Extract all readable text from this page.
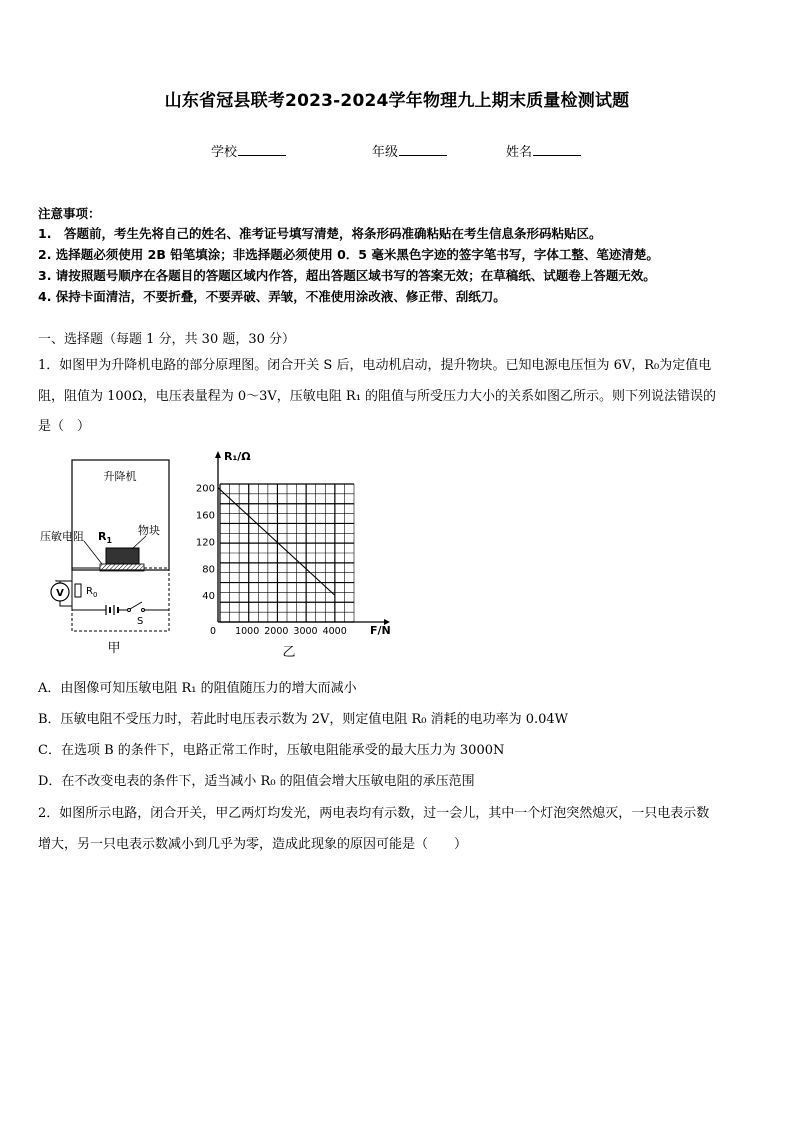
山东省冠县联考2023-2024学年物理九上期末质量检测试题
学校	年级	姓名
注意事项：
1.　答题前，考生先将自己的姓名、准考证号填写清楚，将条形码准确粘贴在考生信息条形码粘贴区。
2. 选择题必须使用 2B 铅笔填涂；非选择题必须使用 0．5 毫米黑色字迹的签字笔书写，字体工整、笔迹清楚。
3. 请按照题号顺序在各题目的答题区域内作答，超出答题区域书写的答案无效；在草稿纸、试题卷上答题无效。
4. 保持卡面清洁，不要折叠，不要弄破、弄皱，不准使用涂改液、修正带、刮纸刀。
一、选择题（每题 1 分，共 30 题，30 分）
1．如图甲为升降机电路的部分原理图。闭合开关 S 后，电动机启动，提升物块。已知电源电压恒为 6V，R₀为定值电
阻，阻值为 100Ω，电压表量程为 0～3V，压敏电阻 R₁ 的阻值与所受压力大小的关系如图乙所示。则下列说法错误的
是（　）
升降机
压敏电阻 $R_1$
物块
V $R_0$
S
甲
40
80
120
160
200
0 1000 2000 3000 4000
R₁/Ω
F/N
乙
A．由图像可知压敏电阻 R₁ 的阻值随压力的增大而减小
B．压敏电阻不受压力时，若此时电压表示数为 2V，则定值电阻 R₀ 消耗的电功率为 0.04W
C．在选项 B 的条件下，电路正常工作时，压敏电阻能承受的最大压力为 3000N
D．在不改变电表的条件下，适当减小 R₀ 的阻值会增大压敏电阻的承压范围
2．如图所示电路，闭合开关，甲乙两灯均发光，两电表均有示数，过一会儿，其中一个灯泡突然熄灭，一只电表示数
增大，另一只电表示数减小到几乎为零，造成此现象的原因可能是（　　）
